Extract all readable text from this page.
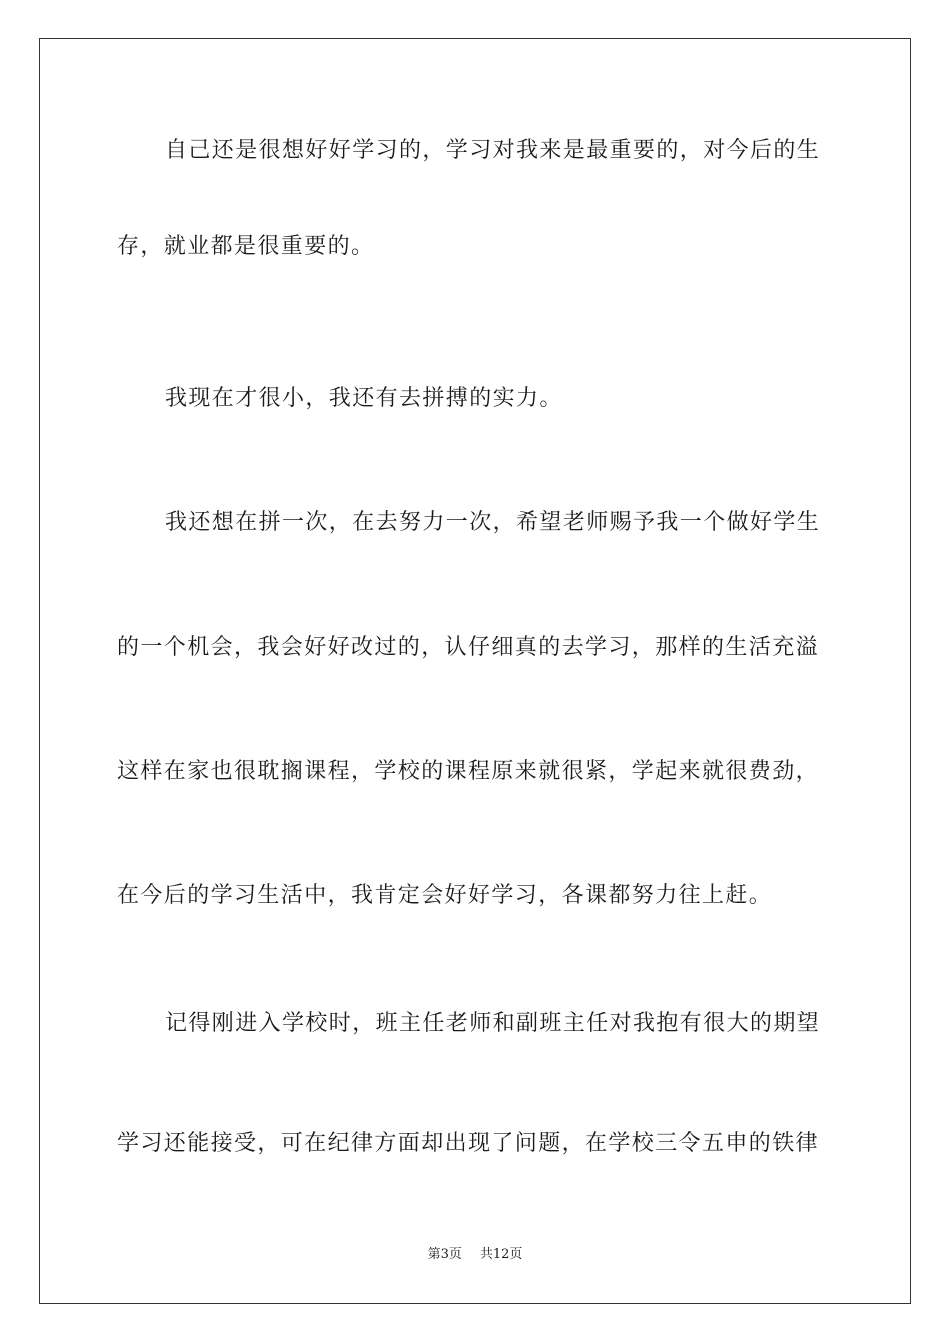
自己还是很想好好学习的，学习对我来是最重要的，对今后的生
存，就业都是很重要的。
我现在才很小，我还有去拼搏的实力。
我还想在拼一次，在去努力一次，希望老师赐予我一个做好学生
的一个机会，我会好好改过的，认仔细真的去学习，那样的生活充溢
这样在家也很耽搁课程，学校的课程原来就很紧，学起来就很费劲，
在今后的学习生活中，我肯定会好好学习，各课都努力往上赶。
记得刚进入学校时，班主任老师和副班主任对我抱有很大的期望
学习还能接受，可在纪律方面却出现了问题，在学校三令五申的铁律
第3页 共12页
